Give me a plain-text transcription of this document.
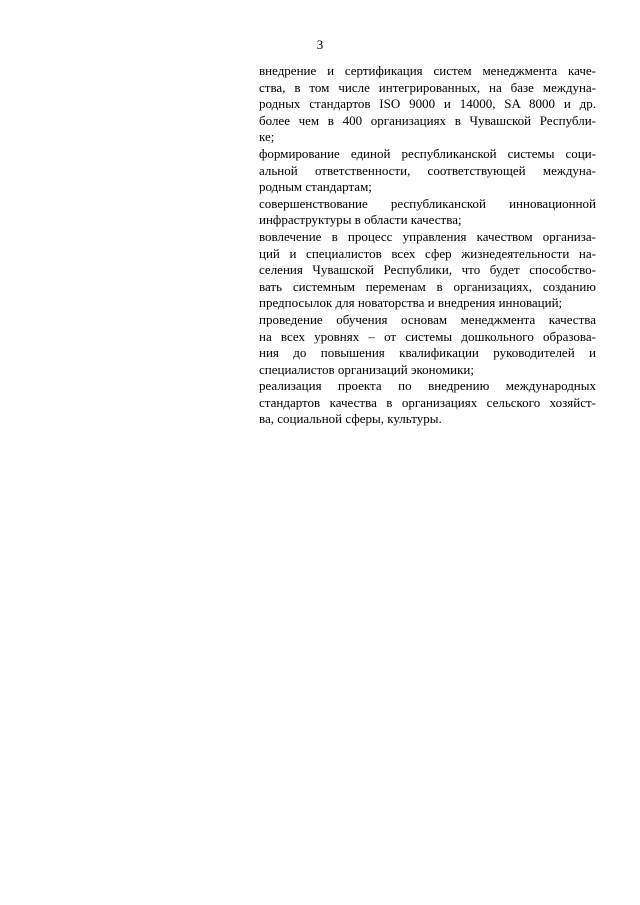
3
внедрение и сертификация систем менеджмента каче-
ства, в том числе интегрированных, на базе междуна-
родных стандартов ISO 9000 и 14000, SA 8000 и др.
более чем в 400 организациях в Чувашской Республи-
ке;
формирование единой республиканской системы соци-
альной ответственности, соответствующей междуна-
родным стандартам;
совершенствование республиканской инновационной
инфраструктуры в области качества;
вовлечение в процесс управления качеством организа-
ций и специалистов всех сфер жизнедеятельности на-
селения Чувашской Республики, что будет способство-
вать системным переменам в организациях, созданию
предпосылок для новаторства и внедрения инноваций;
проведение обучения основам менеджмента качества
на всех уровнях – от системы дошкольного образова-
ния до повышения квалификации руководителей и
специалистов организаций экономики;
реализация проекта по внедрению международных
стандартов качества в организациях сельского хозяйст-
ва, социальной сферы, культуры.
